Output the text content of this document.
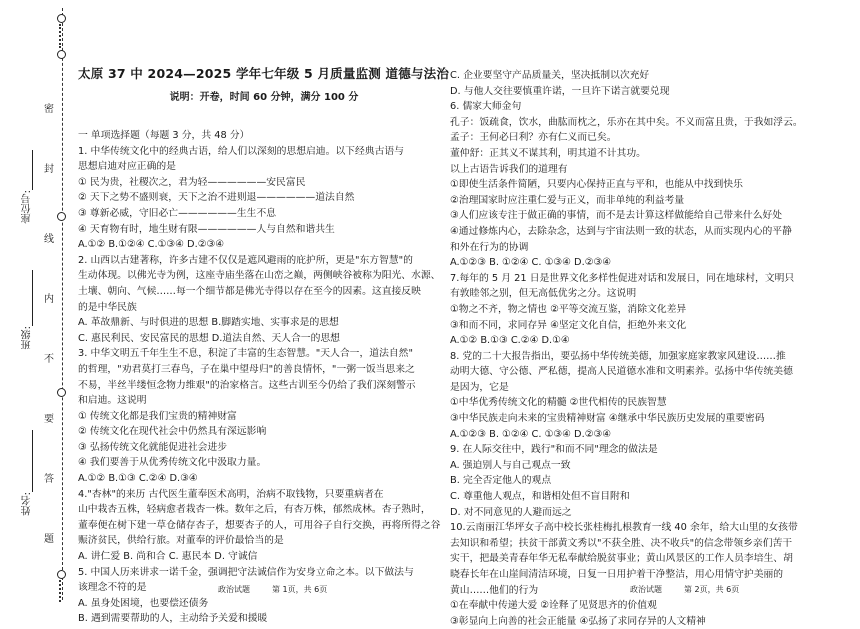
座位号:
班级:
姓名:
密
封
线
内
不
要
答
题
太原 37 中 2024—2025 学年七年级 5 月质量监测 道德与法治
说明：开卷，时间 60 分钟，满分 100 分
一 单项选择题（每题 3 分，共 48 分）
1. 中华传统文化中的经典古语，给人们以深刻的思想启迪。以下经典古语与
思想启迪对应正确的是
① 民为贵，社稷次之，君为轻——————安民富民
② 天下之势不盛则衰，天下之治不进则退——————道法自然
③ 尊新必威，守旧必亡——————生生不息
④ 天育物有时，地生财有限——————人与自然和谐共生
A.①② B.①②④ C.①③④ D.②③④
2. 山西以古建著称，许多古建不仅仅是遮风避雨的庇护所，更是"东方智慧"的
生动体现。以佛光寺为例，这座寺庙坐落在山峦之巅，两侧峡谷被称为阳光、水源、
土壤、朝向、气候……每一个细节都是佛光寺得以存在至今的因素。这直接反映
的是中华民族
A. 革故鼎新、与时俱进的思想 B.脚踏实地、实事求是的思想
C. 惠民利民、安民富民的思想 D.道法自然、天人合一的思想
3. 中华文明五千年生生不息，积淀了丰富的生态智慧。"天人合一，道法自然"
的哲理，"劝君莫打三春鸟，子在巢中望母归"的善良情怀，"一粥一饭当思来之
不易，半丝半缕恒念物力维艰"的治家格言。这些古训至今仍给了我们深刻警示
和启迪。这说明
① 传统文化都是我们宝贵的精神财富
② 传统文化在现代社会中仍然具有深远影响
③ 弘扬传统文化就能促进社会进步
④ 我们要善于从优秀传统文化中汲取力量。
A.①② B.①③ C.②④ D.③④
4."杏林"的来历 古代医生董奉医术高明，治病不取钱物，只要重病者在
山中栽杏五株，轻病愈者栽杏一株。数年之后，有杏万株，郁然成林。杏子熟时，
董奉便在树下建一草仓储存杏子，想要杏子的人，可用谷子自行交换，再将所得之谷
赈济贫民，供给行旅。对董奉的评价最恰当的是
A. 讲仁爱 B. 尚和合 C. 惠民本 D. 守诚信
5. 中国人历来讲求一诺千金，强调把守法诚信作为安身立命之本。以下做法与
该理念不符的是
A. 虽身处困境，也要偿还债务
B. 遇到需要帮助的人，主动给予关爱和援暖
C. 企业要坚守产品质量关，坚决抵制以次充好
D. 与他人交往要慎重许诺，一旦许下诺言就要兑现
6. 儒家大师金句
孔子：饭疏食，饮水，曲肱而枕之，乐亦在其中矣。不义而富且贵，于我如浮云。
孟子：王何必曰利？亦有仁义而已矣。
董仲舒：正其义不谋其利，明其道不计其功。
以上古语告诉我们的道理有
①即使生活条件简陋，只要内心保持正直与平和，也能从中找到快乐
②治理国家时应注重仁爱与正义，而非单纯的利益考量
③人们应该专注于做正确的事情，而不是去计算这样做能给自己带来什么好处
④通过修炼内心，去除杂念，达到与宇宙法则一致的状态，从而实现内心的平静
和外在行为的协调
A.①②③ B. ①②④ C. ①③④ D.②③④
7.每年的 5 月 21 日是世界文化多样性促进对话和发展日，同在地球村，文明只
有敦睦邻之别，但无高低优劣之分。这说明
①物之不齐，物之情也 ②平等交流互鉴，消除文化差异
③和而不同，求同存异 ④坚定文化自信，拒绝外来文化
A.①② B.①③ C.②④ D.①④
8. 党的二十大报告指出，要弘扬中华传统美德，加强家庭家教家风建设……推
动明大德、守公德、严私德，提高人民道德水准和文明素养。弘扬中华传统美德
是因为，它是
①中华优秀传统文化的精髓 ②世代相传的民族智慧
③中华民族走向未来的宝贵精神财富 ④继承中华民族历史发展的重要密码
A.①②③ B. ①②④ C. ①③④ D.②③④
9. 在人际交往中，践行"和而不同"理念的做法是
A. 强迫别人与自己观点一致
B. 完全否定他人的观点
C. 尊重他人观点，和谐相处但不盲目附和
D. 对不同意见的人避而远之
10.云南丽江华坪女子高中校长张桂梅扎根教育一线 40 余年，给大山里的女孩带
去知识和希望；扶贫干部黄文秀以"不获全胜、决不收兵"的信念带领乡亲们苦干
实干，把最美青春年华无私奉献给脱贫事业；黄山风景区的工作人员李培生、胡
晓春长年在山崖间清洁环境，日复一日用护着干净整洁，用心用情守护美丽的
黄山……他们的行为
①在奉献中传递大爱 ②诠释了见贤思齐的价值观
③彰显向上向善的社会正能量 ④弘扬了求同存异的人文精神
政治试题	第 1页，共 6页	政治试题	第 2页，共 6页
